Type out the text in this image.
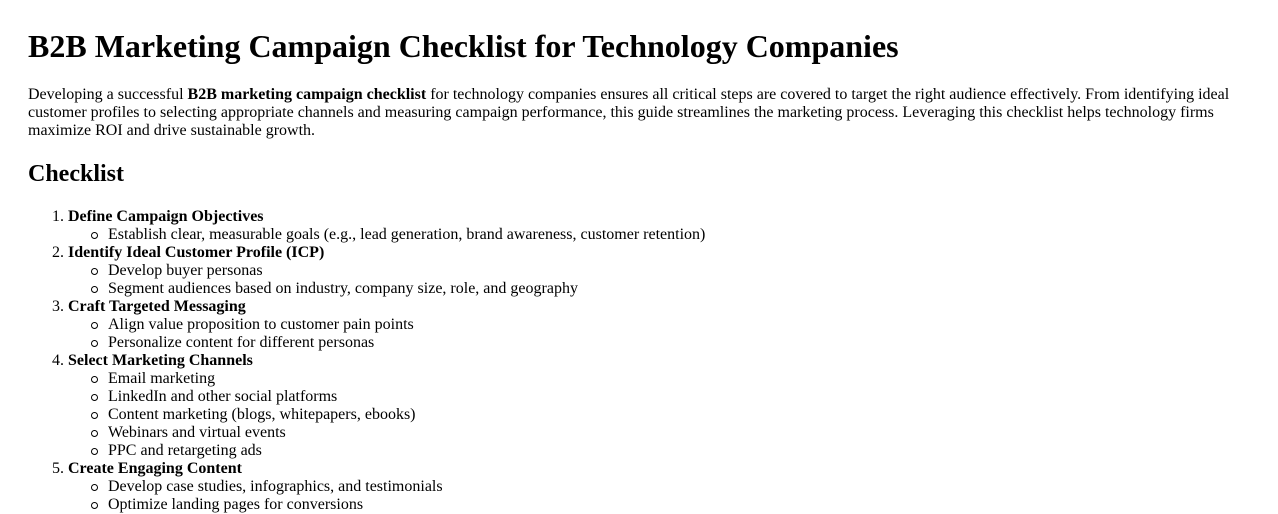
B2B Marketing Campaign Checklist for Technology Companies

Developing a successful B2B marketing campaign checklist for technology companies ensures all critical steps are covered to target the right audience effectively. From identifying ideal customer profiles to selecting appropriate channels and measuring campaign performance, this guide streamlines the marketing process. Leveraging this checklist helps technology firms maximize ROI and drive sustainable growth.

Checklist
1. Define Campaign Objectives
Establish clear, measurable goals (e.g., lead generation, brand awareness, customer retention)
2. Identify Ideal Customer Profile (ICP)
Develop buyer personas
Segment audiences based on industry, company size, role, and geography
3. Craft Targeted Messaging
Align value proposition to customer pain points
Personalize content for different personas
4. Select Marketing Channels
Email marketing
LinkedIn and other social platforms
Content marketing (blogs, whitepapers, ebooks)
Webinars and virtual events
PPC and retargeting ads
5. Create Engaging Content
Develop case studies, infographics, and testimonials
Optimize landing pages for conversions
